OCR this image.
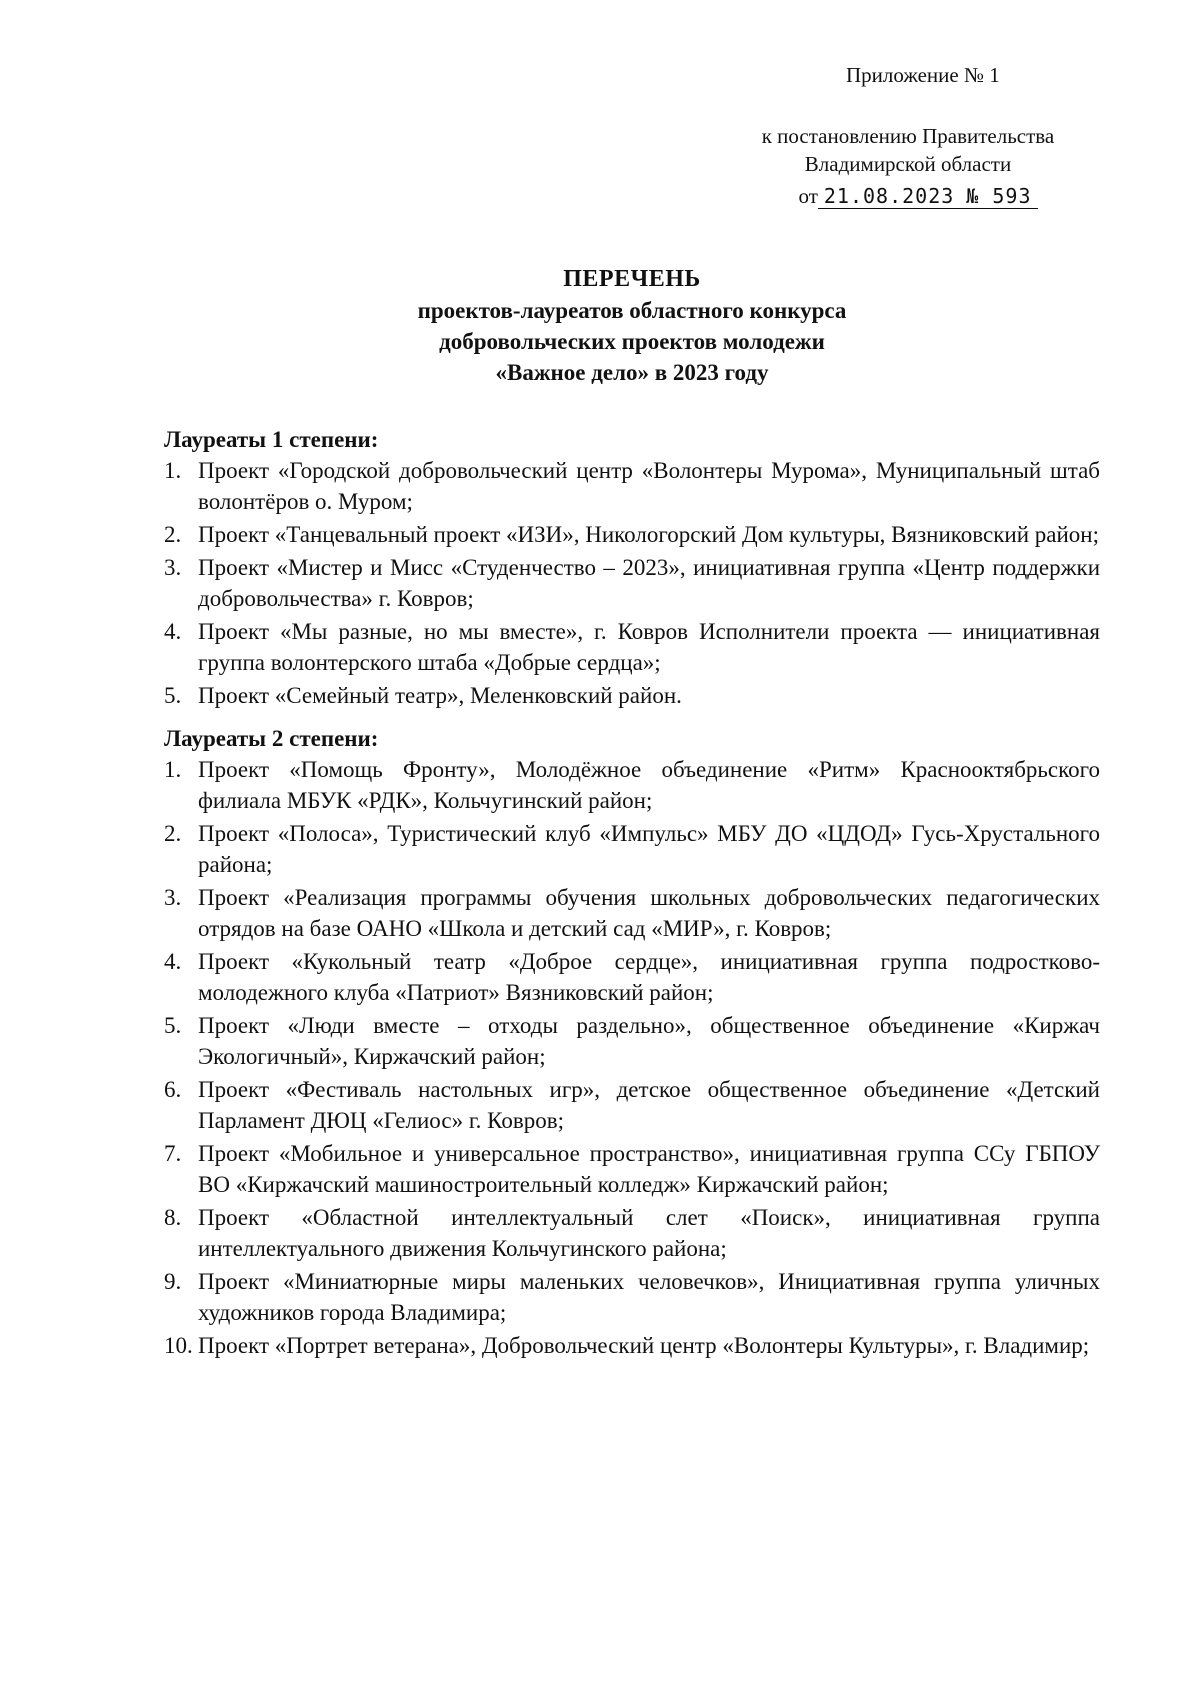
Приложение № 1
к постановлению Правительства
Владимирской области
от 21.08.2023 № 593
ПЕРЕЧЕНЬ
проектов-лауреатов областного конкурса
добровольческих проектов молодежи
«Важное дело» в 2023 году

Лауреаты 1 степени:

1. Проект «Городской добровольческий центр «Волонтеры Мурома», Муниципальный штаб волонтёров о. Муром;
2. Проект «Танцевальный проект «ИЗИ», Никологорский Дом культуры, Вязниковский район;
3. Проект «Мистер и Мисс «Студенчество – 2023», инициативная группа «Центр поддержки добровольчества» г. Ковров;
4. Проект «Мы разные, но мы вместе», г. Ковров Исполнители проекта — инициативная группа волонтерского штаба «Добрые сердца»;
5. Проект «Семейный театр», Меленковский район.

Лауреаты 2 степени:

1. Проект «Помощь Фронту», Молодёжное объединение «Ритм» Краснооктябрьского филиала МБУК «РДК», Кольчугинский район;
2. Проект «Полоса», Туристический клуб «Импульс» МБУ ДО «ЦДОД» Гусь-Хрустального района;
3. Проект «Реализация программы обучения школьных добровольческих педагогических отрядов на базе ОАНО «Школа и детский сад «МИР», г. Ковров;
4. Проект «Кукольный театр «Доброе сердце», инициативная группа подростково-молодежного клуба «Патриот» Вязниковский район;
5. Проект «Люди вместе – отходы раздельно», общественное объединение «Киржач Экологичный», Киржачский район;
6. Проект «Фестиваль настольных игр», детское общественное объединение «Детский Парламент ДЮЦ «Гелиос» г. Ковров;
7. Проект «Мобильное и универсальное пространство», инициативная группа ССу ГБПОУ ВО «Киржачский машиностроительный колледж» Киржачский район;
8. Проект «Областной интеллектуальный слет «Поиск», инициативная группа интеллектуального движения Кольчугинского района;
9. Проект «Миниатюрные миры маленьких человечков», Инициативная группа уличных художников города Владимира;
10. Проект «Портрет ветерана», Добровольческий центр «Волонтеры Культуры», г. Владимир;
